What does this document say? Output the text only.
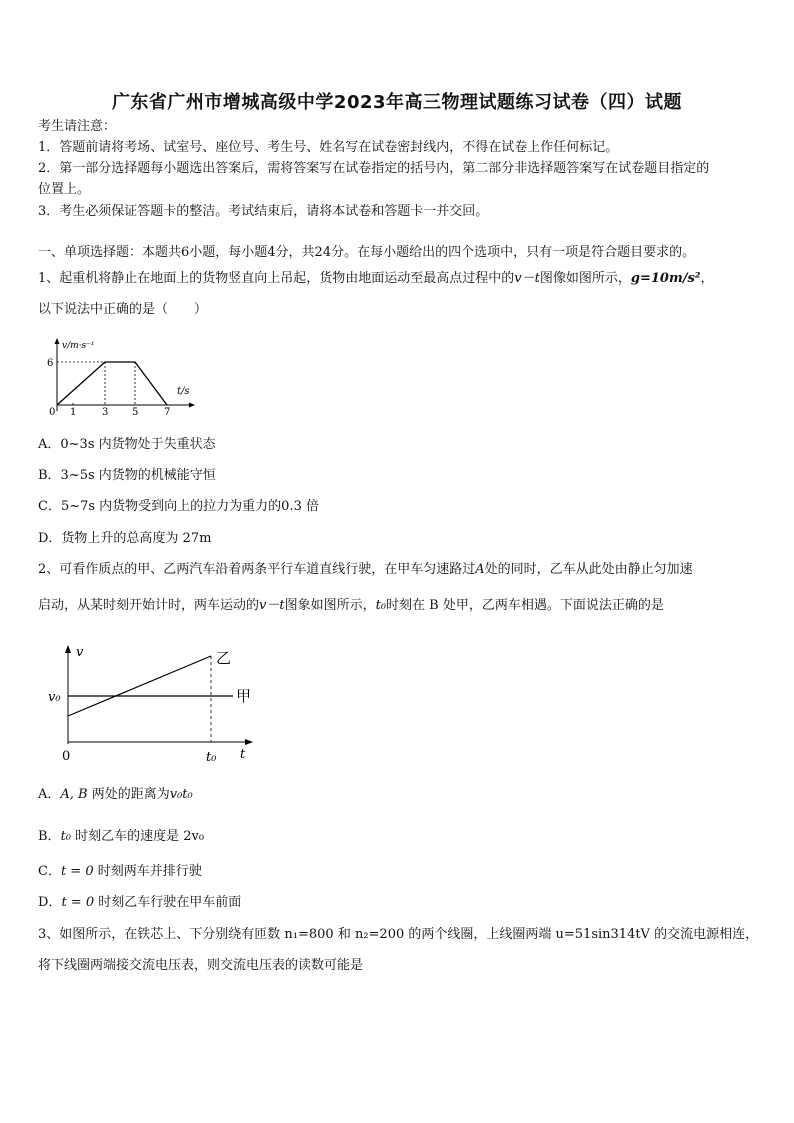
广东省广州市增城高级中学2023年高三物理试题练习试卷（四）试题
考生请注意：
1．答题前请将考场、试室号、座位号、考生号、姓名写在试卷密封线内，不得在试卷上作任何标记。
2．第一部分选择题每小题选出答案后，需将答案写在试卷指定的括号内，第二部分非选择题答案写在试卷题目指定的
位置上。
3．考生必须保证答题卡的整洁。考试结束后，请将本试卷和答题卡一并交回。
一、单项选择题：本题共6小题，每小题4分，共24分。在每小题给出的四个选项中，只有一项是符合题目要求的。
1、起重机将静止在地面上的货物竖直向上吊起，货物由地面运动至最高点过程中的v－t图像如图所示，g=10m/s²，
以下说法中正确的是（　　）
v/m·s⁻¹
t/s
6
0 1	3 5	7
A．0~3s 内货物处于失重状态
B．3~5s 内货物的机械能守恒
C．5~7s 内货物受到向上的拉力为重力的0.3 倍
D．货物上升的总高度为 27m
2、可看作质点的甲、乙两汽车沿着两条平行车道直线行驶，在甲车匀速路过A处的同时，乙车从此处由静止匀加速
启动，从某时刻开始计时，两车运动的v－t图象如图所示，t₀时刻在 B 处甲，乙两车相遇。下面说法正确的是
v
t
0
v₀
乙
甲
t₀
A．A, B 两处的距离为v₀t₀
B．t₀ 时刻乙车的速度是 2v₀
C．t = 0 时刻两车并排行驶
D．t = 0 时刻乙车行驶在甲车前面
3、如图所示，在铁芯上、下分别绕有匝数 n₁=800 和 n₂=200 的两个线圈，上线圈两端 u=51sin314tV 的交流电源相连，
将下线圈两端接交流电压表，则交流电压表的读数可能是
